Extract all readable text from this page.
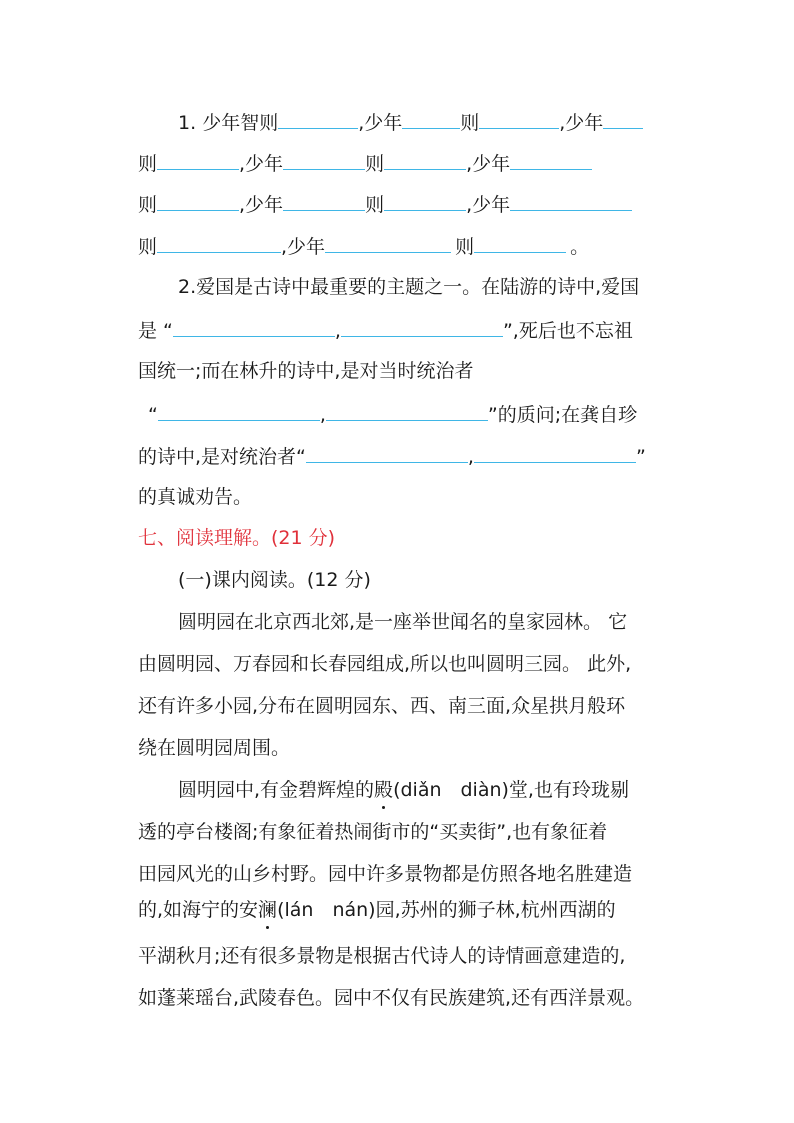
1. 少年智则	,少年	则	,少年
则	,少年	则	,少年
则	,少年	则	,少年
则	,少年	则	。
2.爱国是古诗中最重要的主题之一。在陆游的诗中,爱国
是 “	,	”,死后也不忘祖
国统一;而在林升的诗中,是对当时统治者
“	,	”的质问;在龚自珍
的诗中,是对统治者“	,	”
的真诚劝告。
七、阅读理解。(21 分)
(一)课内阅读。(12 分)
圆明园在北京西北郊,是一座举世闻名的皇家园林。 它
由圆明园、万春园和长春园组成,所以也叫圆明三园。 此外,
还有许多小园,分布在圆明园东、西、南三面,众星拱月般环
绕在圆明园周围。
圆明园中,有金碧辉煌的殿(diǎn　diàn)堂,也有玲珑剔
透的亭台楼阁;有象征着热闹街市的“买卖街”,也有象征着
田园风光的山乡村野。园中许多景物都是仿照各地名胜建造
的,如海宁的安澜(lán　nán)园,苏州的狮子林,杭州西湖的
平湖秋月;还有很多景物是根据古代诗人的诗情画意建造的,
如蓬莱瑶台,武陵春色。园中不仅有民族建筑,还有西洋景观。
